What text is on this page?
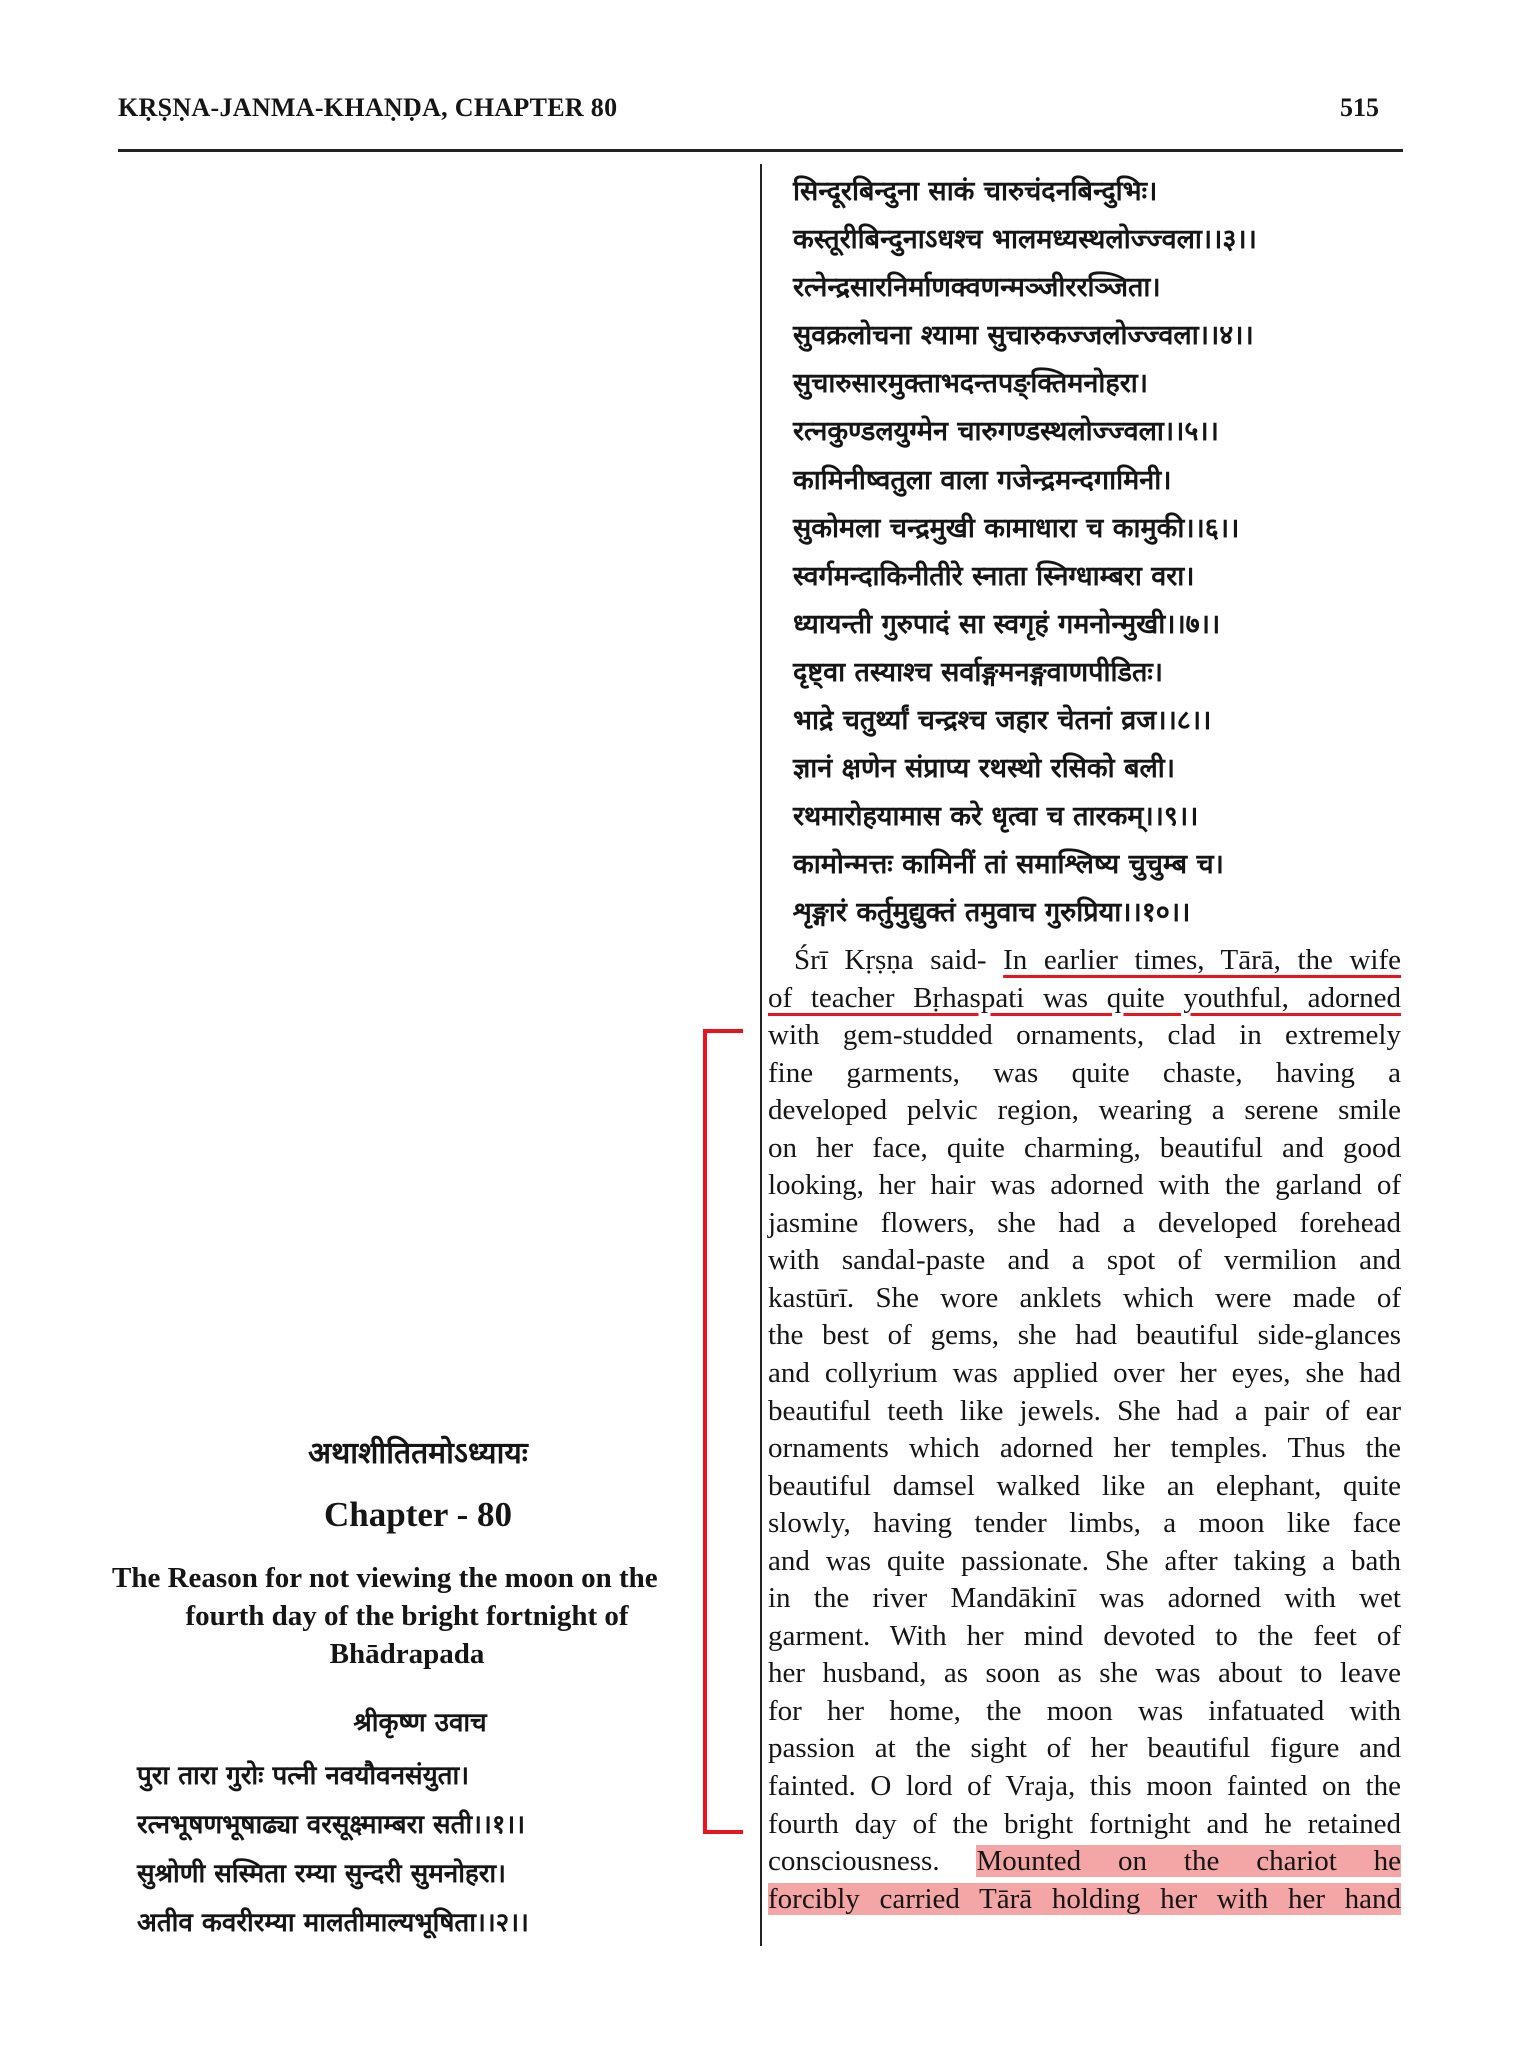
KṚṢṆA-JANMA-KHAṆḌA, CHAPTER 80	515
सिन्दूरबिन्दुना साकं चारुचंदनबिन्दुभिः।
कस्तूरीबिन्दुनाऽधश्च भालमध्यस्थलोज्ज्वला।।३।।
रत्नेन्द्रसारनिर्माणक्वणन्मञ्जीररञ्जिता।
सुवक्रलोचना श्यामा सुचारुकज्जलोज्ज्वला।।४।।
सुचारुसारमुक्ताभदन्तपङ्क्तिमनोहरा।
रत्नकुण्डलयुग्मेन चारुगण्डस्थलोज्ज्वला।।५।।
कामिनीष्वतुला वाला गजेन्द्रमन्दगामिनी।
सुकोमला चन्द्रमुखी कामाधारा च कामुकी।।६।।
स्वर्गमन्दाकिनीतीरे स्नाता स्निग्धाम्बरा वरा।
ध्यायन्ती गुरुपादं सा स्वगृहं गमनोन्मुखी।।७।।
दृष्ट्वा तस्याश्च सर्वाङ्गमनङ्गवाणपीडितः।
भाद्रे चतुर्थ्यां चन्द्रश्च जहार चेतनां व्रज।।८।।
ज्ञानं क्षणेन संप्राप्य रथस्थो रसिको बली।
रथमारोहयामास करे धृत्वा च तारकम्।।९।।
कामोन्मत्तः कामिनीं तां समाश्लिष्य चुचुम्ब च।
शृङ्गारं कर्तुमुद्युक्तं तमुवाच गुरुप्रिया।।१०।।
Śrī Kṛṣṇa said- In earlier times, Tārā, the wife
of teacher Bṛhaspati was quite youthful, adorned
with gem-studded ornaments, clad in extremely
fine garments, was quite chaste, having a
developed pelvic region, wearing a serene smile
on her face, quite charming, beautiful and good
looking, her hair was adorned with the garland of
jasmine flowers, she had a developed forehead
with sandal-paste and a spot of vermilion and
kastūrī. She wore anklets which were made of
the best of gems, she had beautiful side-glances
and collyrium was applied over her eyes, she had
beautiful teeth like jewels. She had a pair of ear
ornaments which adorned her temples. Thus the
beautiful damsel walked like an elephant, quite
slowly, having tender limbs, a moon like face
and was quite passionate. She after taking a bath
in the river Mandākinī was adorned with wet
garment. With her mind devoted to the feet of
her husband, as soon as she was about to leave
for her home, the moon was infatuated with
passion at the sight of her beautiful figure and
fainted. O lord of Vraja, this moon fainted on the
fourth day of the bright fortnight and he retained
consciousness. Mounted on the chariot he
forcibly carried Tārā holding her with her hand
अथाशीतितमोऽध्यायः
Chapter - 80
The Reason for not viewing the moon on the
fourth day of the bright fortnight of
Bhādrapada
श्रीकृष्ण उवाच
पुरा तारा गुरोः पत्नी नवयौवनसंयुता।
रत्नभूषणभूषाढ्या वरसूक्ष्माम्बरा सती।।१।।
सुश्रोणी सस्मिता रम्या सुन्दरी सुमनोहरा।
अतीव कवरीरम्या मालतीमाल्यभूषिता।।२।।
